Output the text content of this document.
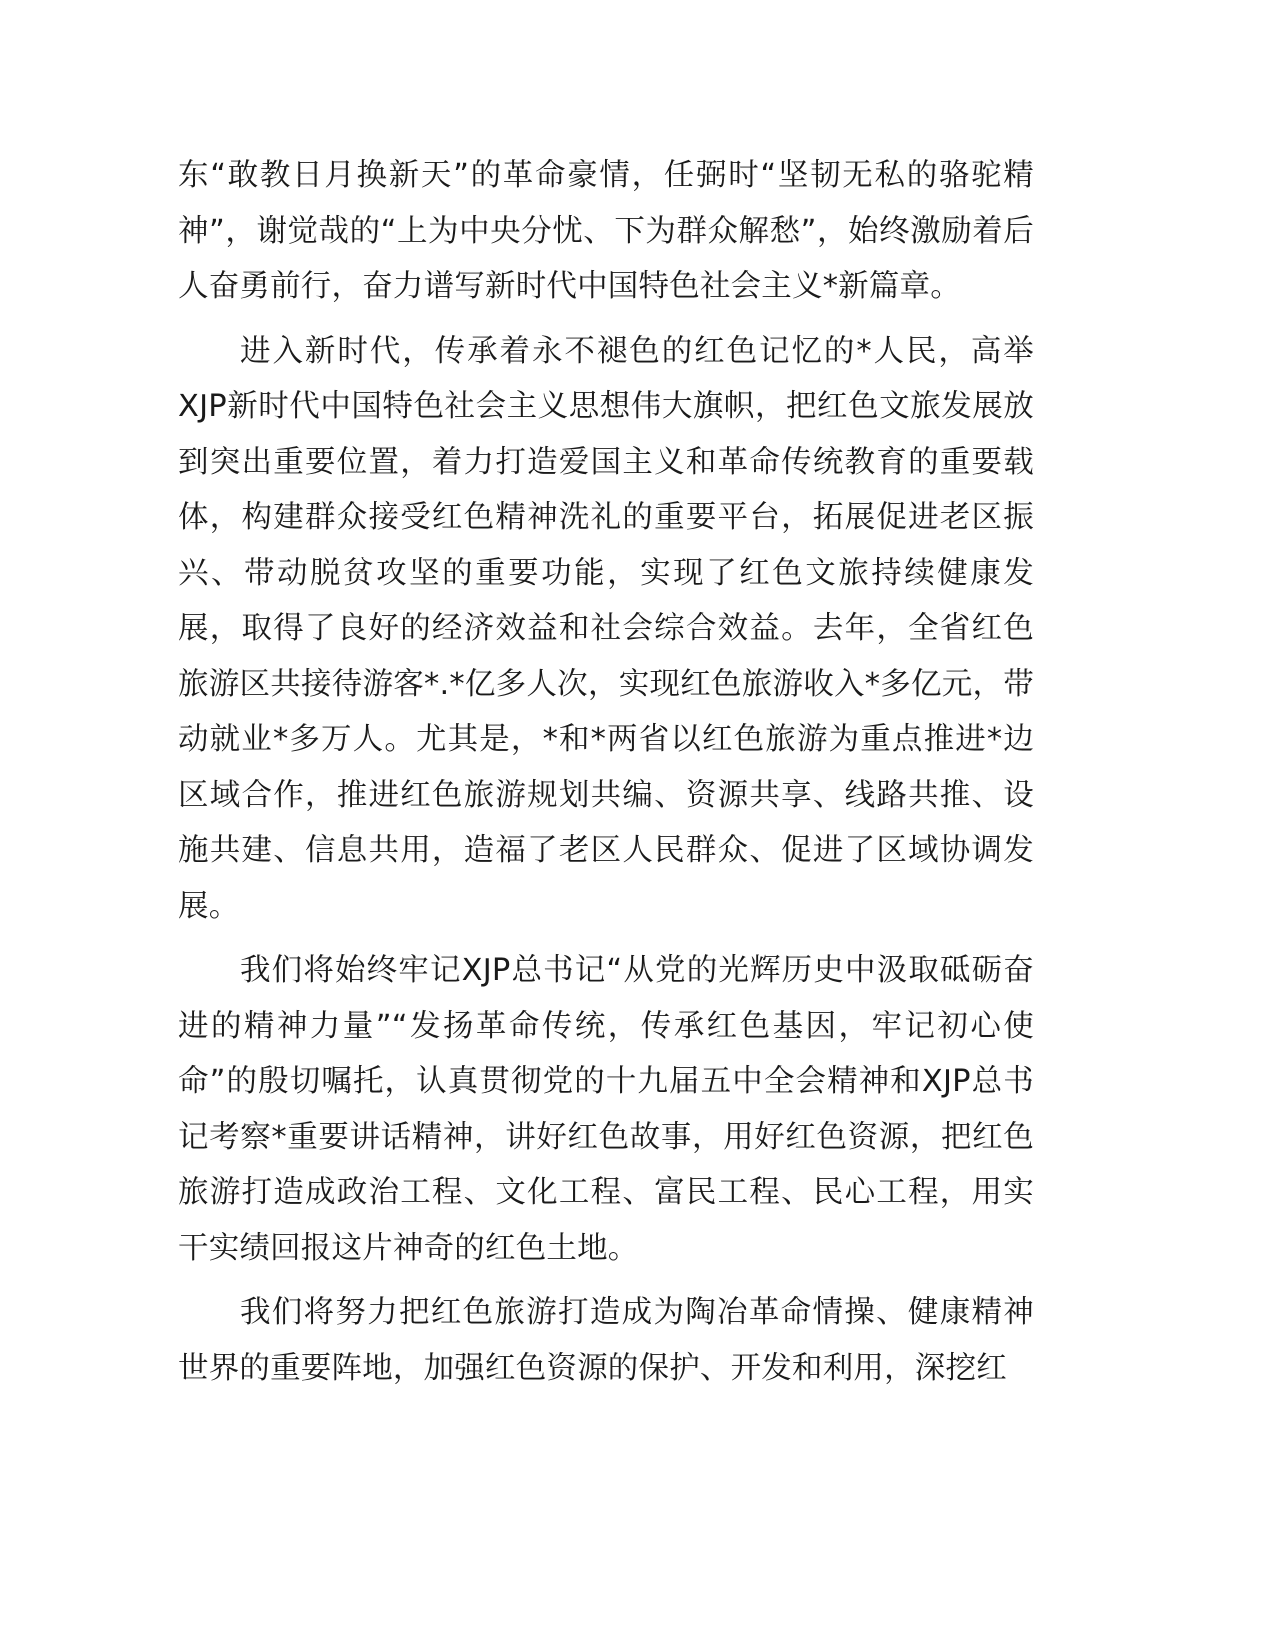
东“敢教日月换新天”的革命豪情，任弼时“坚韧无私的骆驼精神”，谢觉哉的“上为中央分忧、下为群众解愁”，始终激励着后人奋勇前行，奋力谱写新时代中国特色社会主义*新篇章。

进入新时代，传承着永不褪色的红色记忆的*人民，高举XJP新时代中国特色社会主义思想伟大旗帜，把红色文旅发展放到突出重要位置，着力打造爱国主义和革命传统教育的重要载体，构建群众接受红色精神洗礼的重要平台，拓展促进老区振兴、带动脱贫攻坚的重要功能，实现了红色文旅持续健康发展，取得了良好的经济效益和社会综合效益。去年，全省红色旅游区共接待游客*.*亿多人次，实现红色旅游收入*多亿元，带动就业*多万人。尤其是，*和*两省以红色旅游为重点推进*边区域合作，推进红色旅游规划共编、资源共享、线路共推、设施共建、信息共用，造福了老区人民群众、促进了区域协调发展。

我们将始终牢记XJP总书记“从党的光辉历史中汲取砥砺奋进的精神力量”“发扬革命传统，传承红色基因，牢记初心使命”的殷切嘱托，认真贯彻党的十九届五中全会精神和XJP总书记考察*重要讲话精神，讲好红色故事，用好红色资源，把红色旅游打造成政治工程、文化工程、富民工程、民心工程，用实干实绩回报这片神奇的红色土地。

我们将努力把红色旅游打造成为陶冶革命情操、健康精神世界的重要阵地，加强红色资源的保护、开发和利用，深挖红
